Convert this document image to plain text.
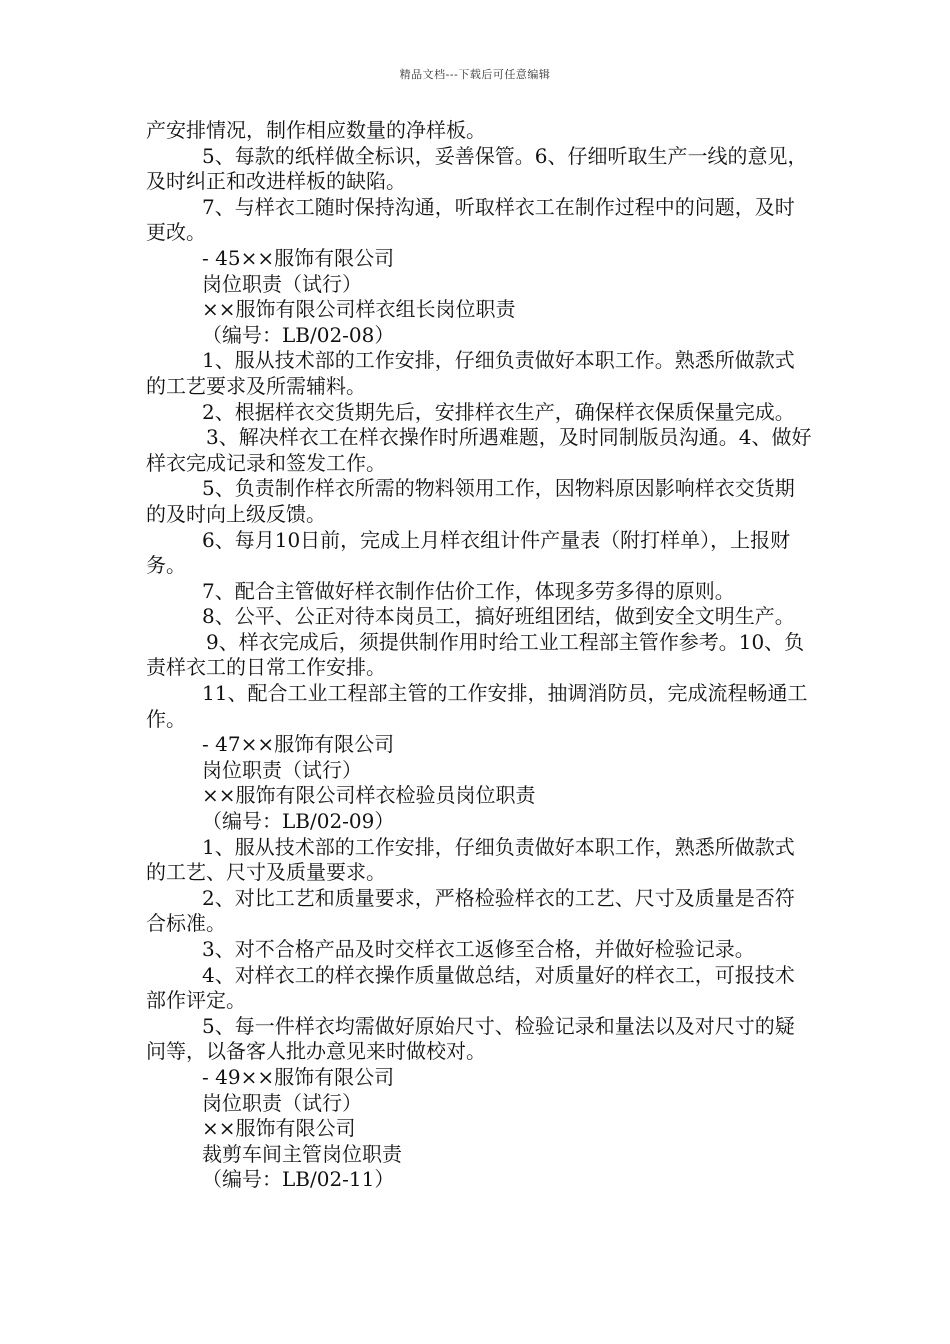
精品文档---下载后可任意编辑

产安排情况，制作相应数量的净样板。

5、每款的纸样做全标识，妥善保管。6、仔细听取生产一线的意见，及时纠正和改进样板的缺陷。

7、与样衣工随时保持沟通，听取样衣工在制作过程中的问题，及时更改。

- 45××服饰有限公司

岗位职责（试行）

××服饰有限公司样衣组长岗位职责

（编号：LB/02-08）

1、服从技术部的工作安排，仔细负责做好本职工作。熟悉所做款式的工艺要求及所需辅料。

2、根据样衣交货期先后，安排样衣生产，确保样衣保质保量完成。

3、解决样衣工在样衣操作时所遇难题，及时同制版员沟通。4、做好样衣完成记录和签发工作。

5、负责制作样衣所需的物料领用工作，因物料原因影响样衣交货期的及时向上级反馈。

6、每月10日前，完成上月样衣组计件产量表（附打样单），上报财务。

7、配合主管做好样衣制作估价工作，体现多劳多得的原则。

8、公平、公正对待本岗员工，搞好班组团结，做到安全文明生产。

9、样衣完成后，须提供制作用时给工业工程部主管作参考。10、负责样衣工的日常工作安排。

11、配合工业工程部主管的工作安排，抽调消防员，完成流程畅通工作。

- 47××服饰有限公司

岗位职责（试行）

××服饰有限公司样衣检验员岗位职责

（编号：LB/02-09）

1、服从技术部的工作安排，仔细负责做好本职工作，熟悉所做款式的工艺、尺寸及质量要求。

2、对比工艺和质量要求，严格检验样衣的工艺、尺寸及质量是否符合标准。

3、对不合格产品及时交样衣工返修至合格，并做好检验记录。

4、对样衣工的样衣操作质量做总结，对质量好的样衣工，可报技术部作评定。

5、每一件样衣均需做好原始尺寸、检验记录和量法以及对尺寸的疑问等，以备客人批办意见来时做校对。

- 49××服饰有限公司

岗位职责（试行）

××服饰有限公司

裁剪车间主管岗位职责

（编号：LB/02-11）
